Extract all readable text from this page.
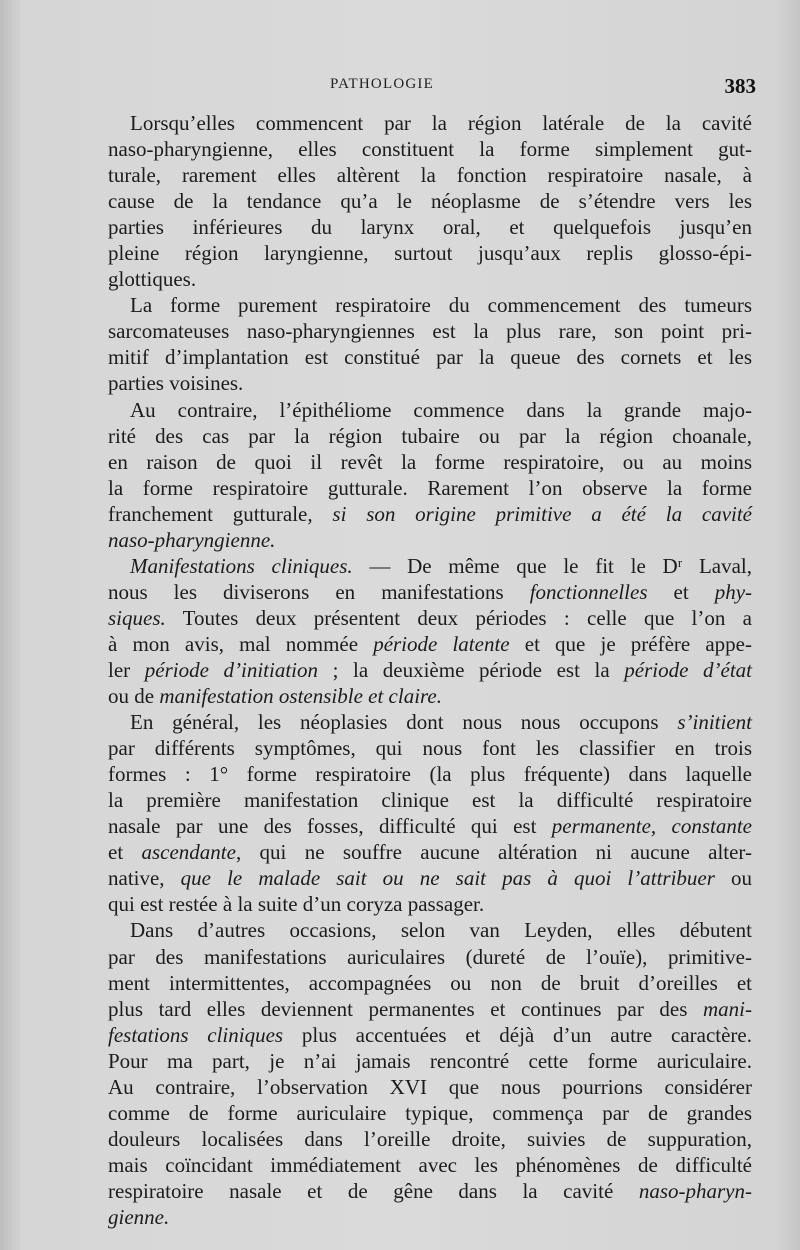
PATHOLOGIE	383
Lorsqu’elles commencent par la région latérale de la cavité
naso-pharyngienne, elles constituent la forme simplement gut-
turale, rarement elles altèrent la fonction respiratoire nasale, à
cause de la tendance qu’a le néoplasme de s’étendre vers les
parties inférieures du larynx oral, et quelquefois jusqu’en
pleine région laryngienne, surtout jusqu’aux replis glosso-épi-
glottiques.
La forme purement respiratoire du commencement des tumeurs
sarcomateuses naso-pharyngiennes est la plus rare, son point pri-
mitif d’implantation est constitué par la queue des cornets et les
parties voisines.
Au contraire, l’épithéliome commence dans la grande majo-
rité des cas par la région tubaire ou par la région choanale,
en raison de quoi il revêt la forme respiratoire, ou au moins
la forme respiratoire gutturale. Rarement l’on observe la forme
franchement gutturale, si son origine primitive a été la cavité
naso-pharyngienne.
Manifestations cliniques. — De même que le fit le Dʳ Laval,
nous les diviserons en manifestations fonctionnelles et phy-
siques. Toutes deux présentent deux périodes : celle que l’on a
à mon avis, mal nommée période latente et que je préfère appe-
ler période d’initiation ; la deuxième période est la période d’état
ou de manifestation ostensible et claire.
En général, les néoplasies dont nous nous occupons s’initient
par différents symptômes, qui nous font les classifier en trois
formes : 1° forme respiratoire (la plus fréquente) dans laquelle
la première manifestation clinique est la difficulté respiratoire
nasale par une des fosses, difficulté qui est permanente, constante
et ascendante, qui ne souffre aucune altération ni aucune alter-
native, que le malade sait ou ne sait pas à quoi l’attribuer ou
qui est restée à la suite d’un coryza passager.
Dans d’autres occasions, selon van Leyden, elles débutent
par des manifestations auriculaires (dureté de l’ouïe), primitive-
ment intermittentes, accompagnées ou non de bruit d’oreilles et
plus tard elles deviennent permanentes et continues par des mani-
festations cliniques plus accentuées et déjà d’un autre caractère.
Pour ma part, je n’ai jamais rencontré cette forme auriculaire.
Au contraire, l’observation XVI que nous pourrions considérer
comme de forme auriculaire typique, commença par de grandes
douleurs localisées dans l’oreille droite, suivies de suppuration,
mais coïncidant immédiatement avec les phénomènes de difficulté
respiratoire nasale et de gêne dans la cavité naso-pharyn-
gienne.
